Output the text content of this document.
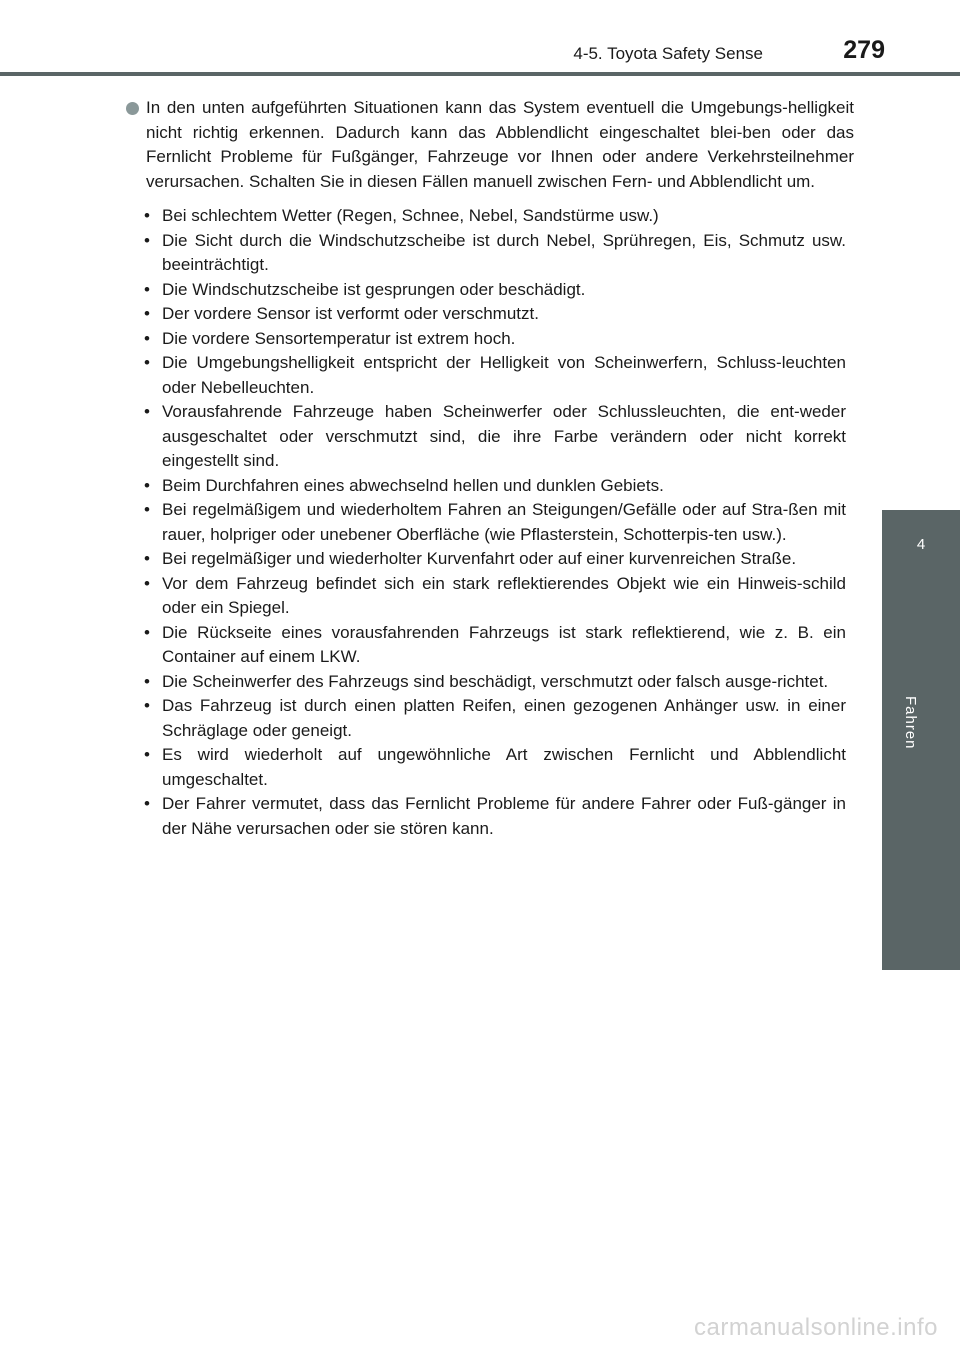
4-5. Toyota Safety Sense	279
4
Fahren

In den unten aufgeführten Situationen kann das System eventuell die Umgebungs-helligkeit nicht richtig erkennen. Dadurch kann das Abblendlicht eingeschaltet blei-ben oder das Fernlicht Probleme für Fußgänger, Fahrzeuge vor Ihnen oder andere Verkehrsteilnehmer verursachen. Schalten Sie in diesen Fällen manuell zwischen Fern- und Abblendlicht um.

• Bei schlechtem Wetter (Regen, Schnee, Nebel, Sandstürme usw.)
• Die Sicht durch die Windschutzscheibe ist durch Nebel, Sprühregen, Eis, Schmutz usw. beeinträchtigt.
• Die Windschutzscheibe ist gesprungen oder beschädigt.
• Der vordere Sensor ist verformt oder verschmutzt.
• Die vordere Sensortemperatur ist extrem hoch.
• Die Umgebungshelligkeit entspricht der Helligkeit von Scheinwerfern, Schluss-leuchten oder Nebelleuchten.
• Vorausfahrende Fahrzeuge haben Scheinwerfer oder Schlussleuchten, die ent-weder ausgeschaltet oder verschmutzt sind, die ihre Farbe verändern oder nicht korrekt eingestellt sind.
• Beim Durchfahren eines abwechselnd hellen und dunklen Gebiets.
• Bei regelmäßigem und wiederholtem Fahren an Steigungen/Gefälle oder auf Stra-ßen mit rauer, holpriger oder unebener Oberfläche (wie Pflasterstein, Schotterpis-ten usw.).
• Bei regelmäßiger und wiederholter Kurvenfahrt oder auf einer kurvenreichen Straße.
• Vor dem Fahrzeug befindet sich ein stark reflektierendes Objekt wie ein Hinweis-schild oder ein Spiegel.
• Die Rückseite eines vorausfahrenden Fahrzeugs ist stark reflektierend, wie z. B. ein Container auf einem LKW.
• Die Scheinwerfer des Fahrzeugs sind beschädigt, verschmutzt oder falsch ausge-richtet.
• Das Fahrzeug ist durch einen platten Reifen, einen gezogenen Anhänger usw. in einer Schräglage oder geneigt.
• Es wird wiederholt auf ungewöhnliche Art zwischen Fernlicht und Abblendlicht umgeschaltet.
• Der Fahrer vermutet, dass das Fernlicht Probleme für andere Fahrer oder Fuß-gänger in der Nähe verursachen oder sie stören kann.
carmanualsonline.info
